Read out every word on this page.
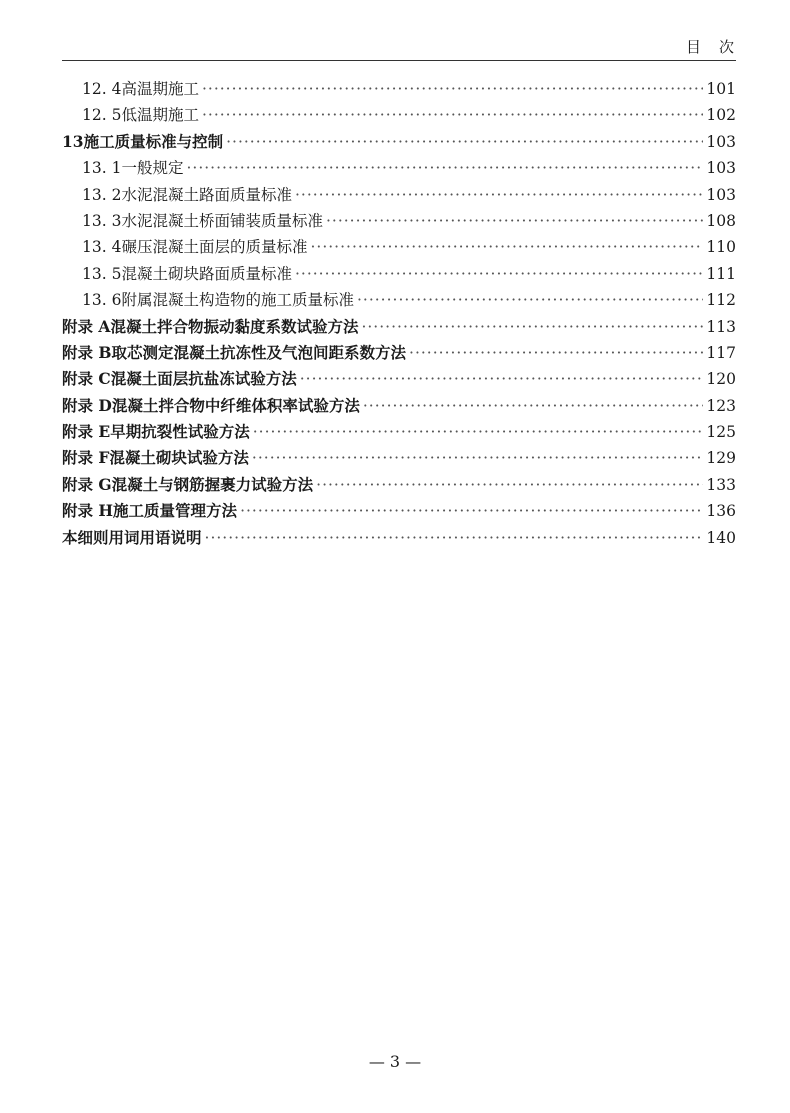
目次
12. 4 高温期施工 ·····	101
12. 5 低温期施工 ·····	102
13 施工质量标准与控制 ·····	103
13. 1 一般规定 ·····	103
13. 2 水泥混凝土路面质量标准 ·····	103
13. 3 水泥混凝土桥面铺装质量标准 ·····	108
13. 4 碾压混凝土面层的质量标准 ·····	110
13. 5 混凝土砌块路面质量标准 ·····	111
13. 6 附属混凝土构造物的施工质量标准 ·····	112
附录 A 混凝土拌合物振动黏度系数试验方法 ·····	113
附录 B 取芯测定混凝土抗冻性及气泡间距系数方法 ·····	117
附录 C 混凝土面层抗盐冻试验方法 ·····	120
附录 D 混凝土拌合物中纤维体积率试验方法 ·····	123
附录 E 早期抗裂性试验方法 ·····	125
附录 F 混凝土砌块试验方法 ·····	129
附录 G 混凝土与钢筋握裹力试验方法 ·····	133
附录 H 施工质量管理方法 ·····	136
本细则用词用语说明 ·····	140
— 3 —
